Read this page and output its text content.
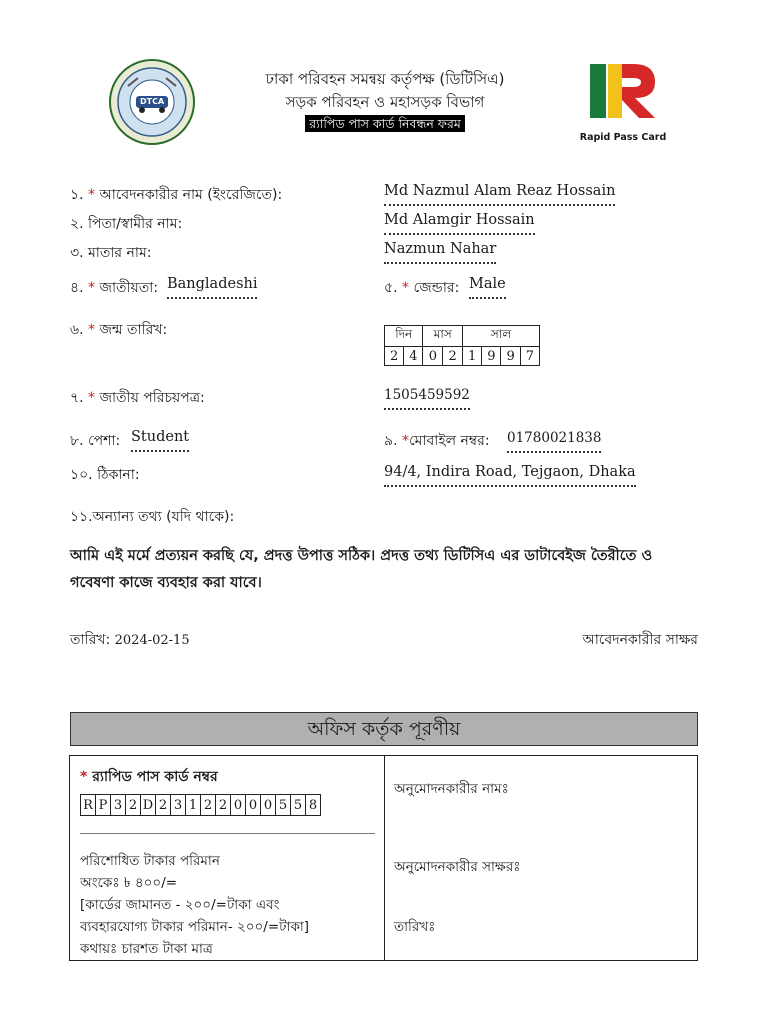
DTCA
ঢাকা পরিবহন সমন্বয় কর্তৃপক্ষ (ডিটিসিএ)
সড়ক পরিবহন ও মহাসড়ক বিভাগ
র‍্যাপিড পাস কার্ড নিবন্ধন ফরম
Rapid Pass Card
১. * আবেদনকারীর নাম (ইংরেজিতে):	Md Nazmul Alam Reaz Hossain
২. পিতা/স্বামীর নাম:	Md Alamgir Hossain
৩. মাতার নাম:	Nazmun Nahar
৪. * জাতীয়তা: Bangladeshi	৫. * জেন্ডার: Male
৬. * জন্ম তারিখ:	দিন		মাস		সাল			
2	4	0	2	1	9	9	7
৭. * জাতীয় পরিচয়পত্র:	1505459592
৮. পেশা: Student	৯. *মোবাইল নম্বর: 01780021838
১০. ঠিকানা:	94/4, Indira Road, Tejgaon, Dhaka
১১.অন্যান্য তথ্য (যদি থাকে):
আমি এই মর্মে প্রত্যয়ন করছি যে, প্রদত্ত উপাত্ত সঠিক। প্রদত্ত তথ্য ডিটিসিএ এর ডাটাবেইজ তৈরীতে ও
গবেষণা কাজে ব্যবহার করা যাবে।
তারিখ: 2024-02-15	আবেদনকারীর সাক্ষর
অফিস কর্তৃক পূরণীয়
* র‍্যাপিড পাস কার্ড নম্বর
R	P	3	2	D	2	3	1	2	2	0	0	0	5	5	8
পরিশোধিত টাকার পরিমান
অংকেঃ ৳ ৪০০/=
[কার্ডের জামানত - ২০০/=টাকা এবং
ব্যবহারযোগ্য টাকার পরিমান- ২০০/=টাকা]
কথায়ঃ চারশত টাকা মাত্র
অনুমোদনকারীর নামঃ
অনুমোদনকারীর সাক্ষরঃ
তারিখঃ
